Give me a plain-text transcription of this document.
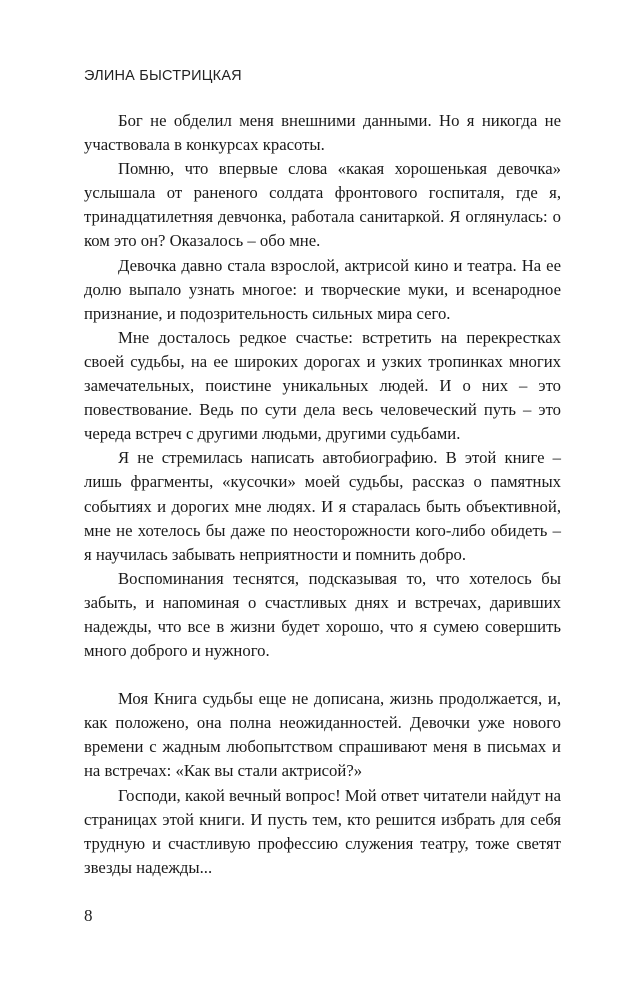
ЭЛИНА БЫСТРИЦКАЯ

Бог не обделил меня внешними данными. Но я никогда не участвовала в конкурсах красоты.

Помню, что впервые слова «какая хорошенькая девочка» услышала от раненого солдата фронтового госпиталя, где я, тринадцатилетняя девчонка, работала санитаркой. Я оглянулась: о ком это он? Оказалось – обо мне.

Девочка давно стала взрослой, актрисой кино и театра. На ее долю выпало узнать многое: и творческие муки, и всенародное признание, и подозрительность сильных мира сего.

Мне досталось редкое счастье: встретить на перекрестках своей судьбы, на ее широких дорогах и узких тропинках многих замечательных, поистине уникальных людей. И о них – это повествование. Ведь по сути дела весь человеческий путь – это череда встреч с другими людьми, другими судьбами.

Я не стремилась написать автобиографию. В этой книге – лишь фрагменты, «кусочки» моей судьбы, рассказ о памятных событиях и дорогих мне людях. И я старалась быть объективной, мне не хотелось бы даже по неосторожности кого-либо обидеть – я научилась забывать неприятности и помнить добро.

Воспоминания теснятся, подсказывая то, что хотелось бы забыть, и напоминая о счастливых днях и встречах, даривших надежды, что все в жизни будет хорошо, что я сумею совершить много доброго и нужного.

Моя Книга судьбы еще не дописана, жизнь продолжается, и, как положено, она полна неожиданностей. Девочки уже нового времени с жадным любопытством спрашивают меня в письмах и на встречах: «Как вы стали актрисой?»

Господи, какой вечный вопрос! Мой ответ читатели найдут на страницах этой книги. И пусть тем, кто решится избрать для себя трудную и счастливую профессию служения театру, тоже светят звезды надежды...

8
